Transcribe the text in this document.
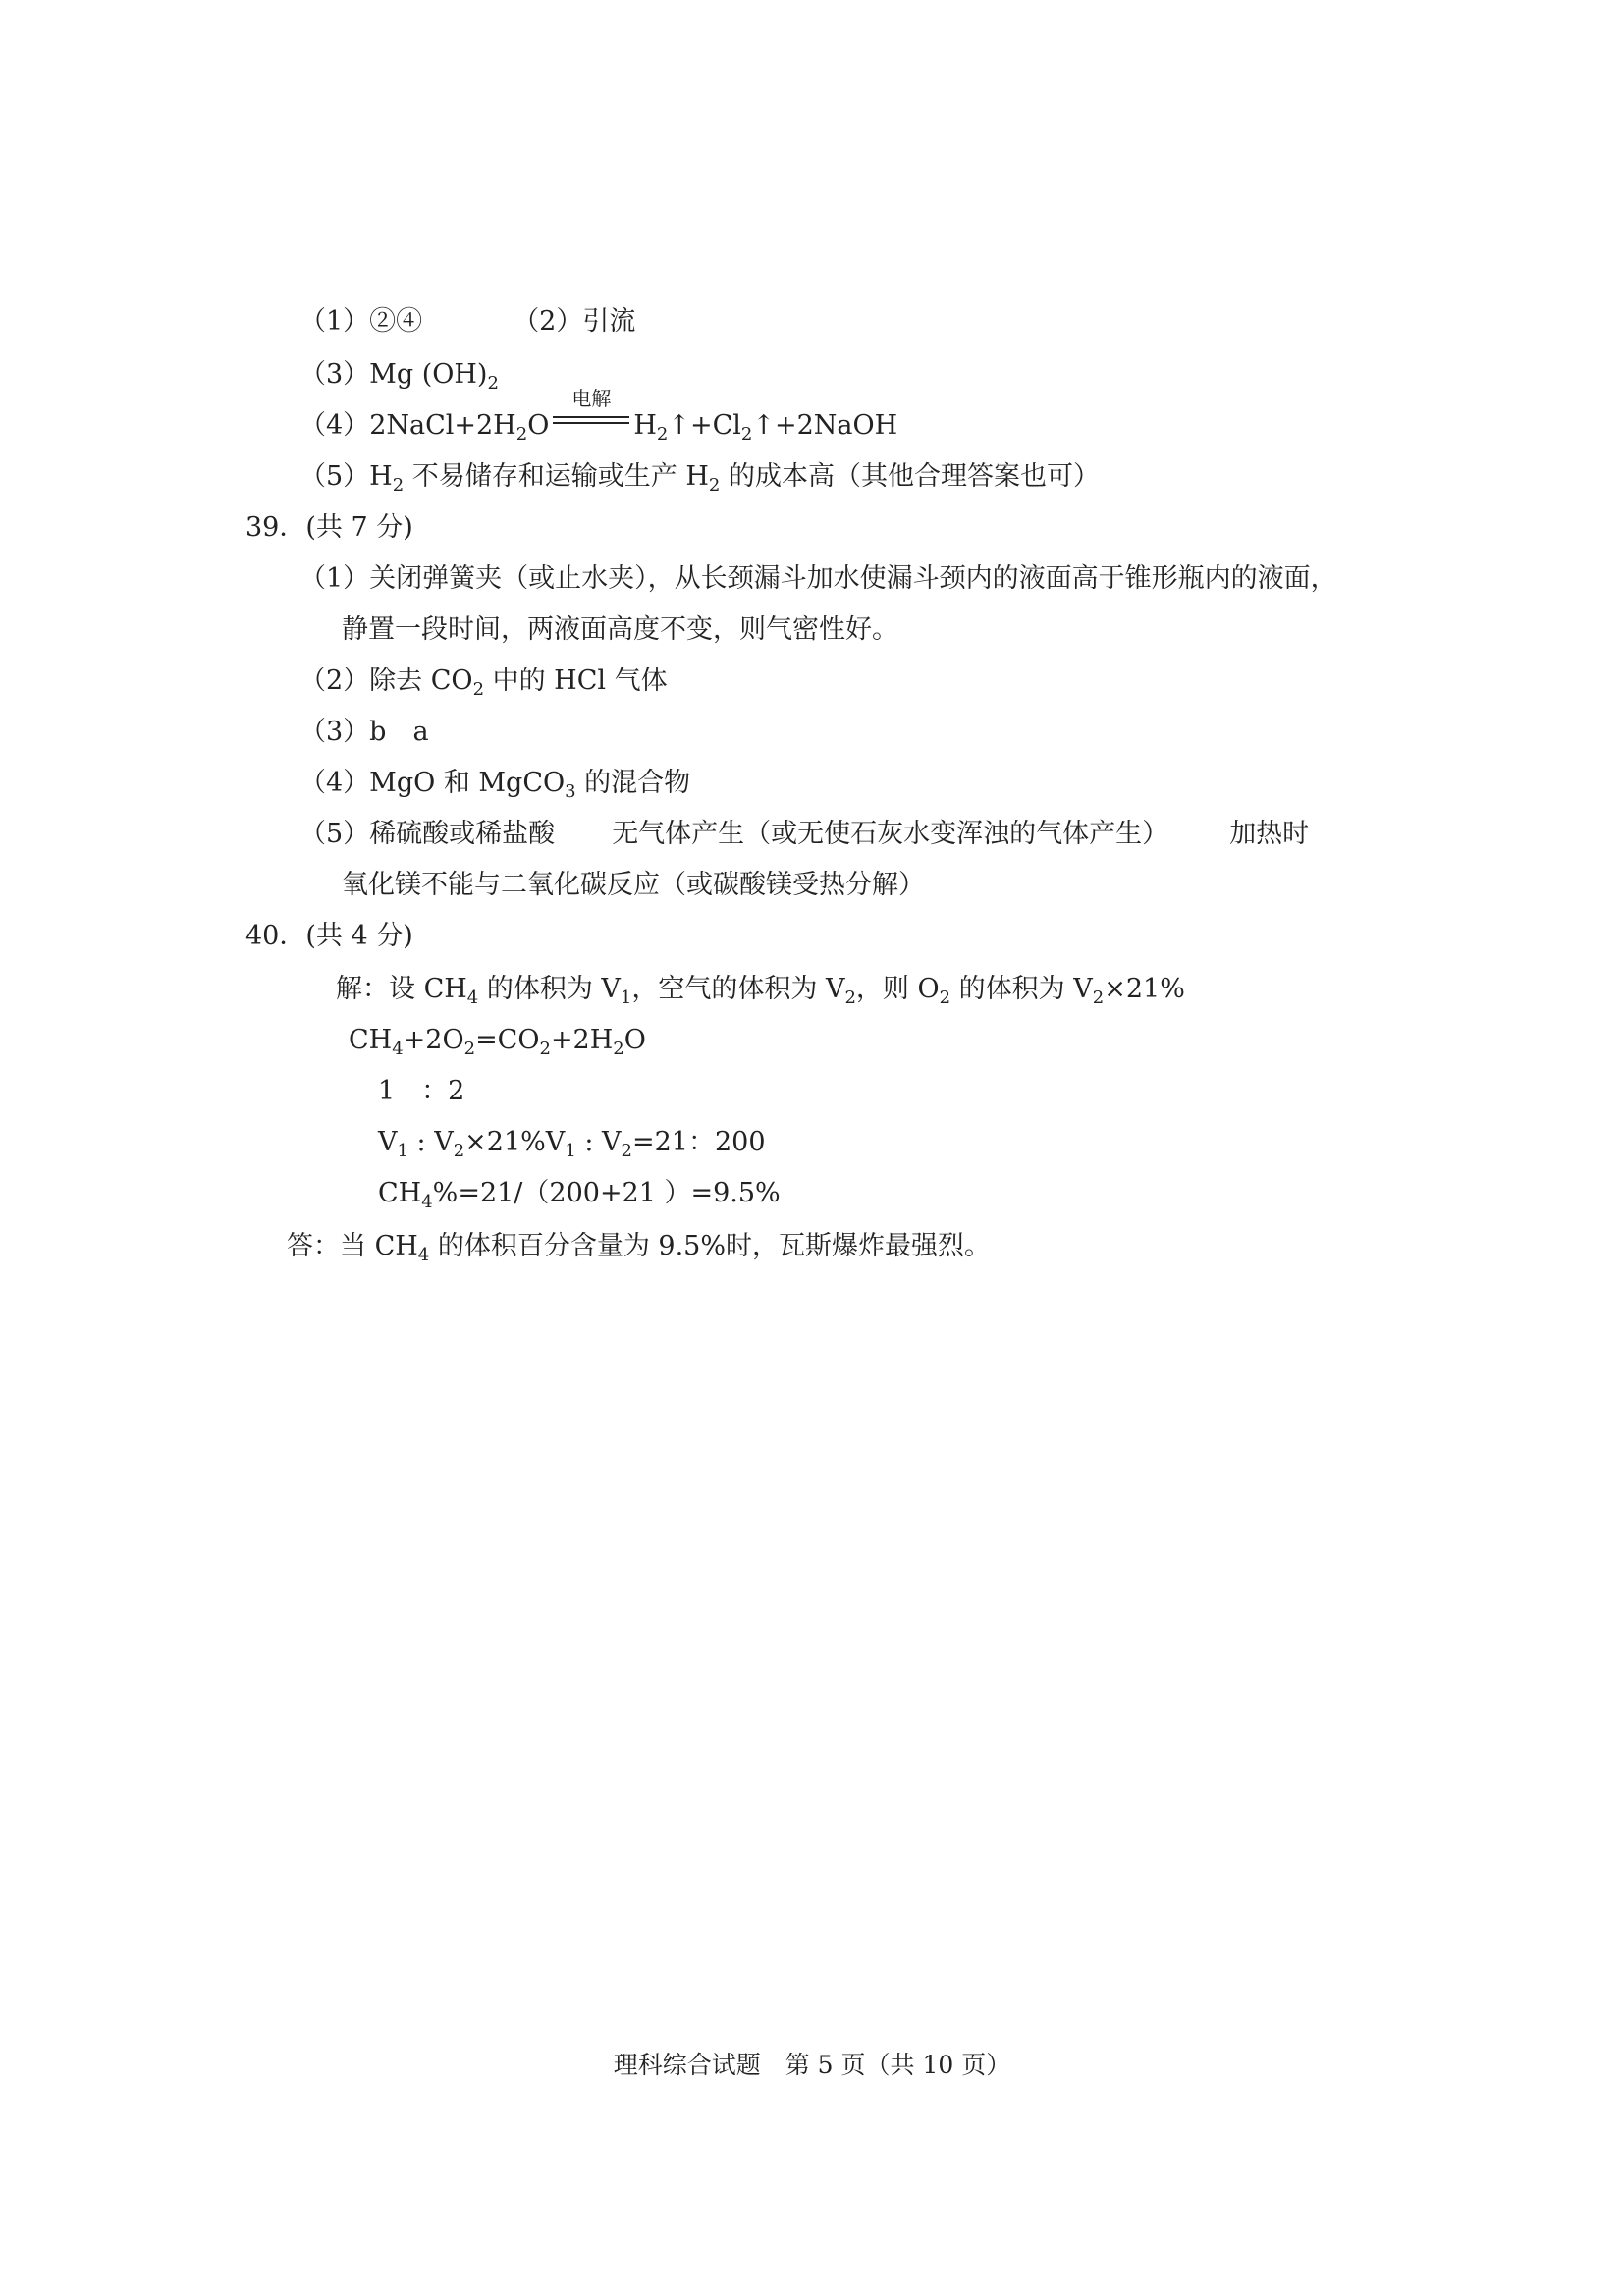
（1）②④	（2）引流
（3）Mg $(OH)_2$
$(4)2NaCl+2H_2O$
电解
$H_2↑+Cl_2↑+2NaOH$
$(5)H_2$ 不易储存和运输或生产 $H_2$ 的成本高（其他合理答案也可）
39．(共 7 分)
（1）关闭弹簧夹（或止水夹），从长颈漏斗加水使漏斗颈内的液面高于锥形瓶内的液面，
静置一段时间，两液面高度不变，则气密性好。
（2）除去 $CO_2$ 中的 HCl 气体
（3）b　a
（4）MgO 和 MgCO$_3$ 的混合物
（5）稀硫酸或稀盐酸 无气体产生（或无使石灰水变浑浊的气体产生） 加热时
氧化镁不能与二氧化碳反应（或碳酸镁受热分解）
40．(共 4 分)
解：设 $CH_4$ 的体积为 $V_1$，空气的体积为 $V_2$，则 $O_2$ 的体积为 $V_2\times 21\%$
$CH_4+2O_2=CO_2+2H_2O$
1　：2
$V_1$ : $V_2\times 21\%V_1$ : $V_2=21$：200
$CH_4\%=21/(200+21$ ）=9.5%
答：当 $CH_4$ 的体积百分含量为 9.5%时，瓦斯爆炸最强烈。
理科综合试题　第 5 页（共 10 页）
